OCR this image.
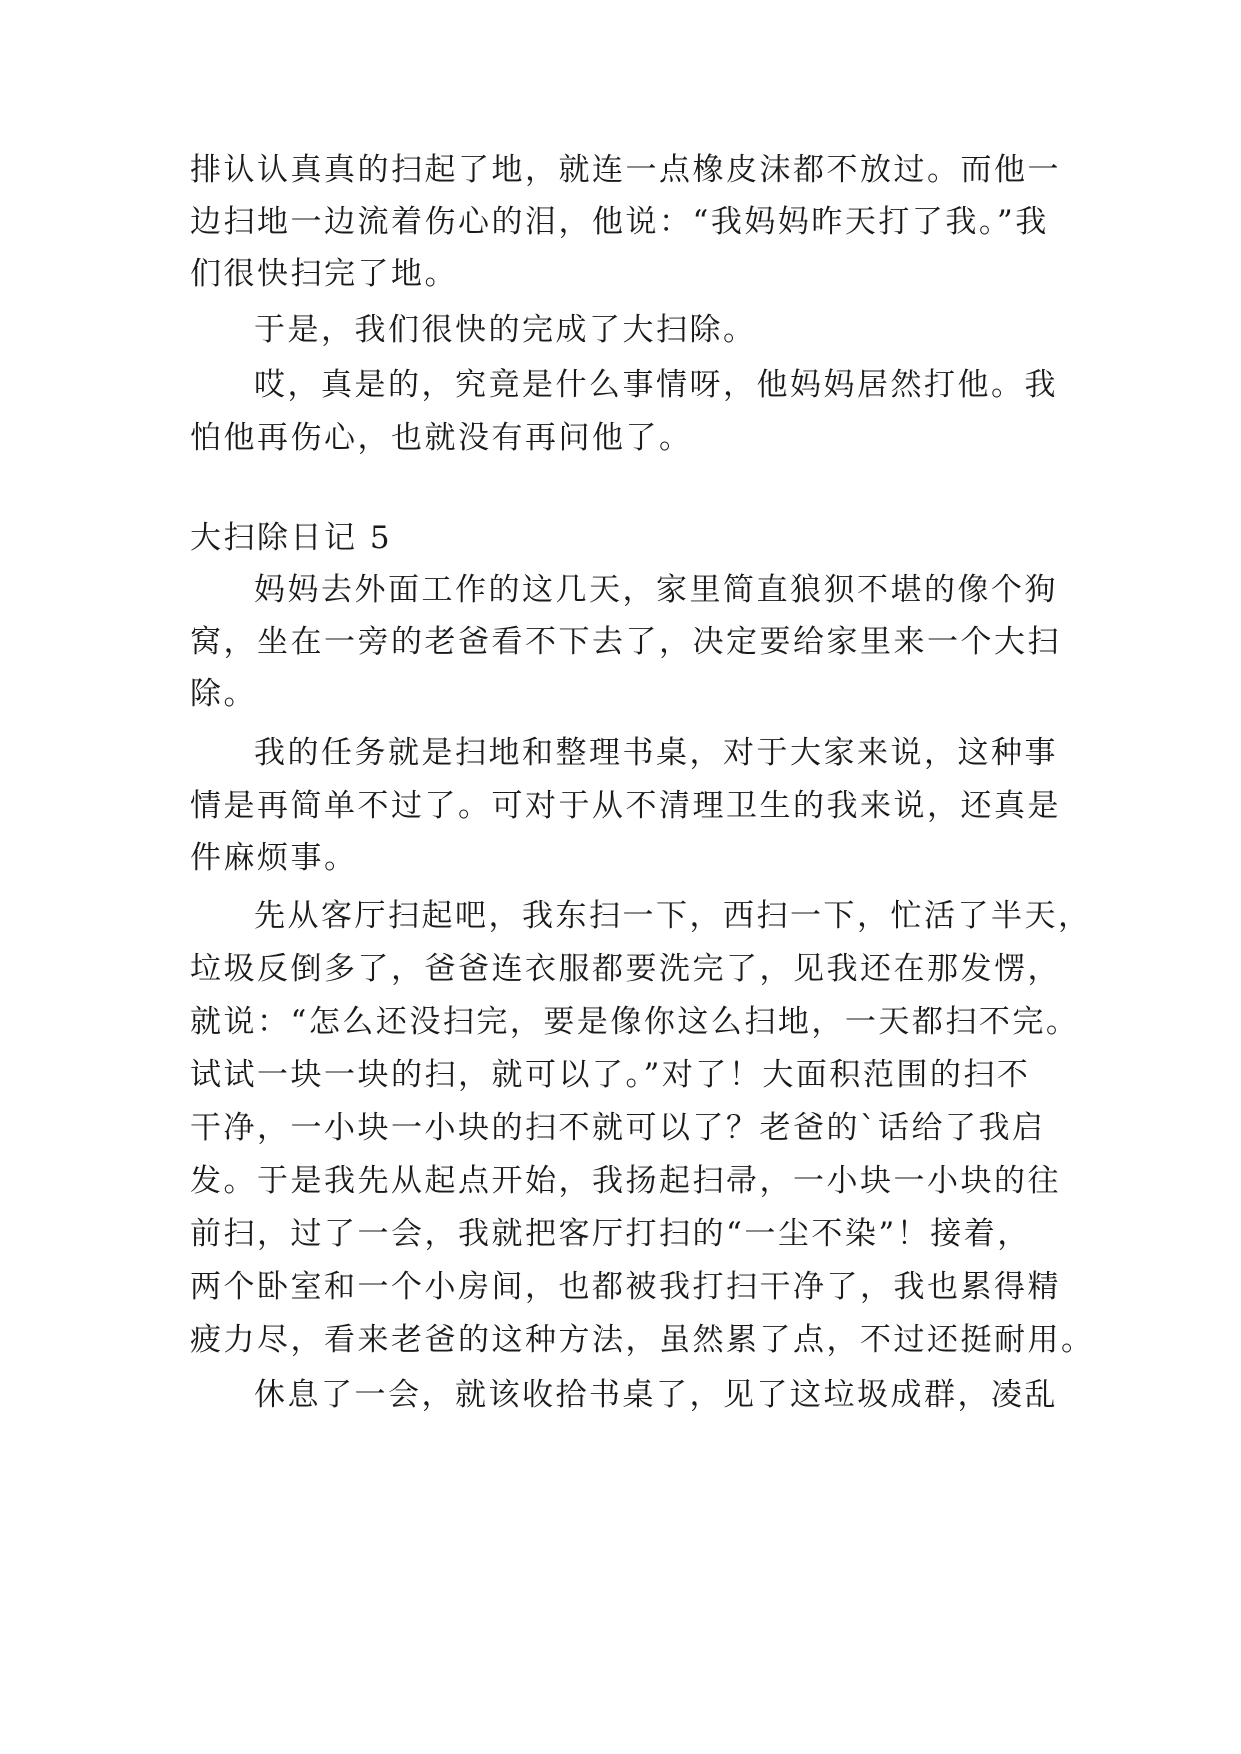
排认认真真的扫起了地，就连一点橡皮沫都不放过。而他一
边扫地一边流着伤心的泪，他说：“我妈妈昨天打了我。”我
们很快扫完了地。
于是，我们很快的完成了大扫除。
哎，真是的，究竟是什么事情呀，他妈妈居然打他。我
怕他再伤心，也就没有再问他了。
大扫除日记 5
妈妈去外面工作的这几天，家里简直狼狈不堪的像个狗
窝，坐在一旁的老爸看不下去了，决定要给家里来一个大扫
除。
我的任务就是扫地和整理书桌，对于大家来说，这种事
情是再简单不过了。可对于从不清理卫生的我来说，还真是
件麻烦事。
先从客厅扫起吧，我东扫一下，西扫一下，忙活了半天，
垃圾反倒多了，爸爸连衣服都要洗完了，见我还在那发愣，
就说：“怎么还没扫完，要是像你这么扫地，一天都扫不完。
试试一块一块的扫，就可以了。”对了！大面积范围的扫不
干净，一小块一小块的扫不就可以了？老爸的`话给了我启
发。于是我先从起点开始，我扬起扫帚，一小块一小块的往
前扫，过了一会，我就把客厅打扫的“一尘不染”！接着，
两个卧室和一个小房间，也都被我打扫干净了，我也累得精
疲力尽，看来老爸的这种方法，虽然累了点，不过还挺耐用。
休息了一会，就该收拾书桌了，见了这垃圾成群，凌乱
